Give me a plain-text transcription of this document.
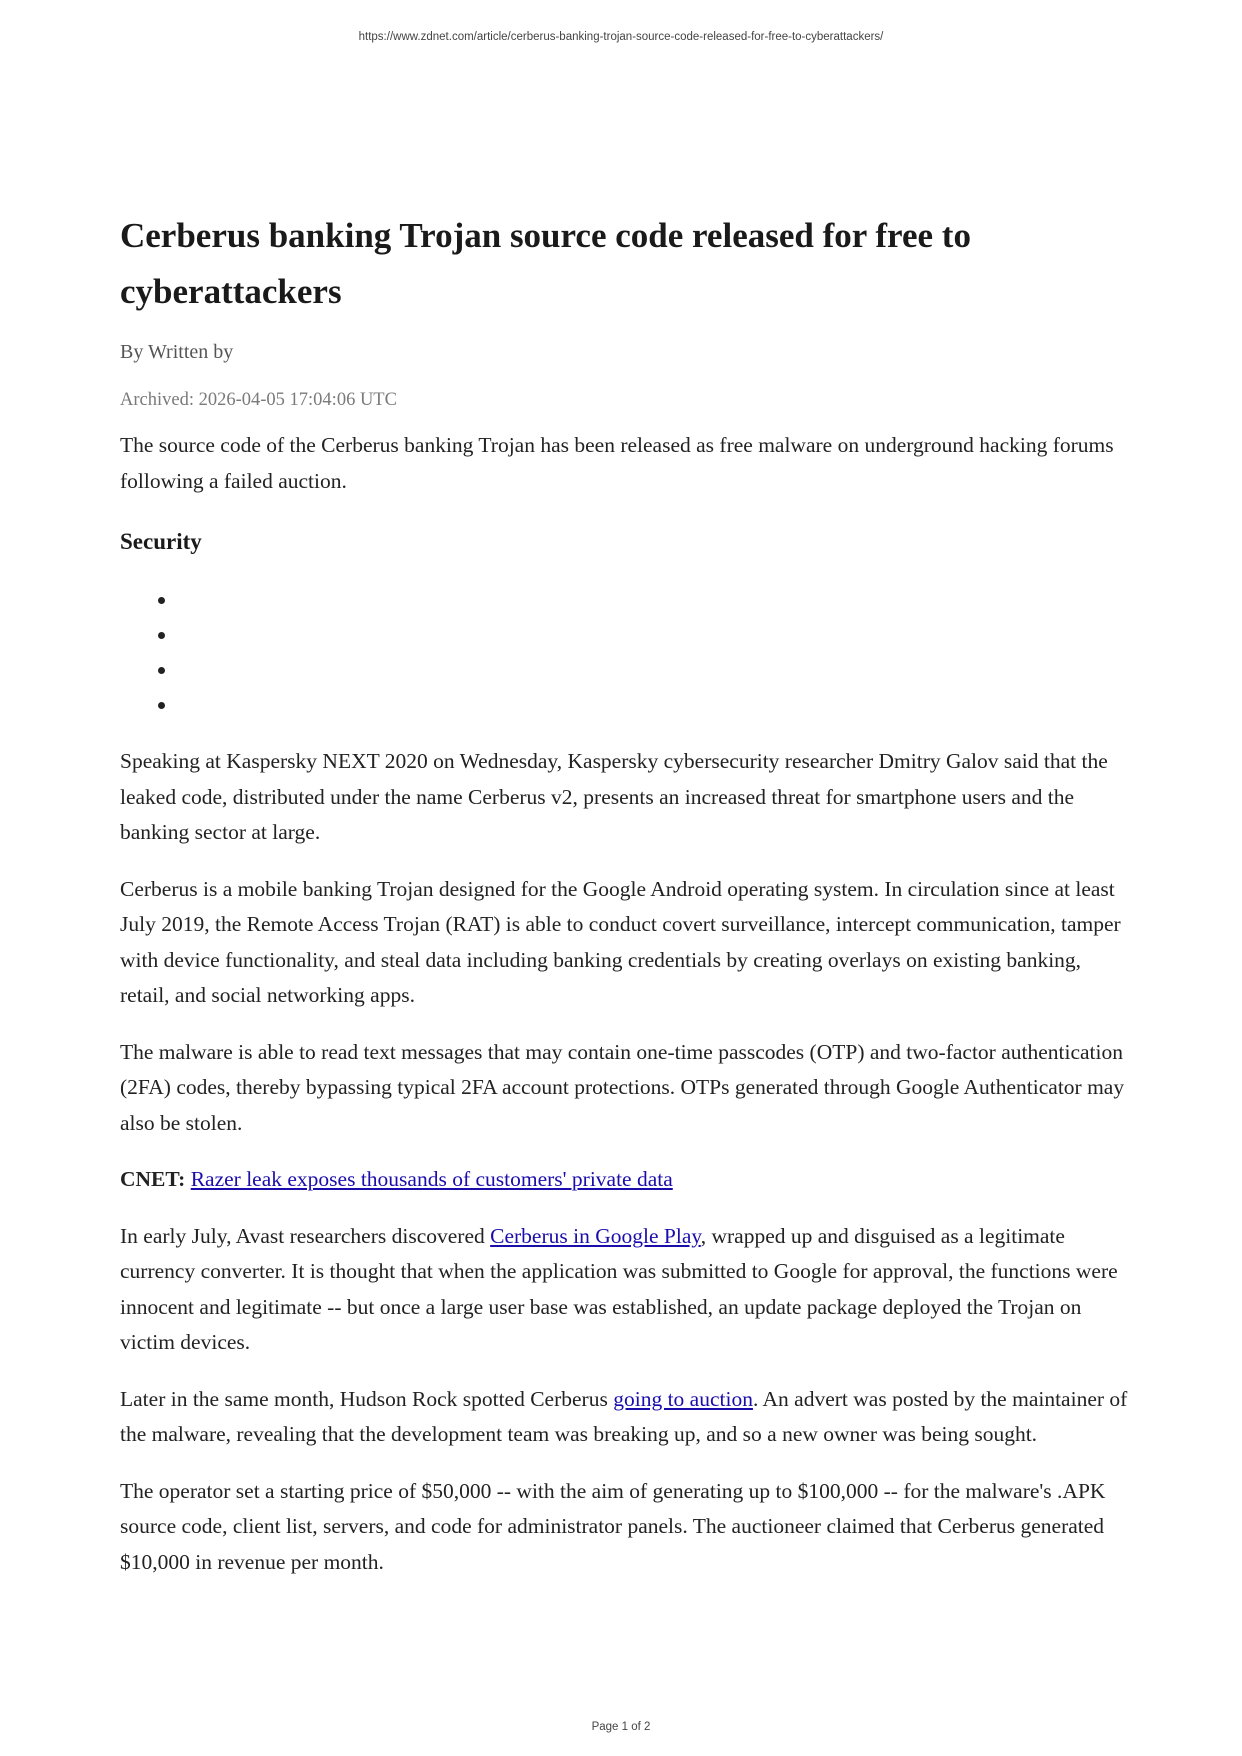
https://www.zdnet.com/article/cerberus-banking-trojan-source-code-released-for-free-to-cyberattackers/
Cerberus banking Trojan source code released for free to cyberattackers
By Written by
Archived: 2026-04-05 17:04:06 UTC

The source code of the Cerberus banking Trojan has been released as free malware on underground hacking forums following a failed auction.

Security

Speaking at Kaspersky NEXT 2020 on Wednesday, Kaspersky cybersecurity researcher Dmitry Galov said that the leaked code, distributed under the name Cerberus v2, presents an increased threat for smartphone users and the banking sector at large.

Cerberus is a mobile banking Trojan designed for the Google Android operating system. In circulation since at least July 2019, the Remote Access Trojan (RAT) is able to conduct covert surveillance, intercept communication, tamper with device functionality, and steal data including banking credentials by creating overlays on existing banking, retail, and social networking apps.

The malware is able to read text messages that may contain one-time passcodes (OTP) and two-factor authentication (2FA) codes, thereby bypassing typical 2FA account protections. OTPs generated through Google Authenticator may also be stolen.

CNET: Razer leak exposes thousands of customers' private data

In early July, Avast researchers discovered Cerberus in Google Play, wrapped up and disguised as a legitimate currency converter. It is thought that when the application was submitted to Google for approval, the functions were innocent and legitimate -- but once a large user base was established, an update package deployed the Trojan on victim devices.

Later in the same month, Hudson Rock spotted Cerberus going to auction. An advert was posted by the maintainer of the malware, revealing that the development team was breaking up, and so a new owner was being sought.

The operator set a starting price of $50,000 -- with the aim of generating up to $100,000 -- for the malware's .APK source code, client list, servers, and code for administrator panels. The auctioneer claimed that Cerberus generated $10,000 in revenue per month.

Page 1 of 2
